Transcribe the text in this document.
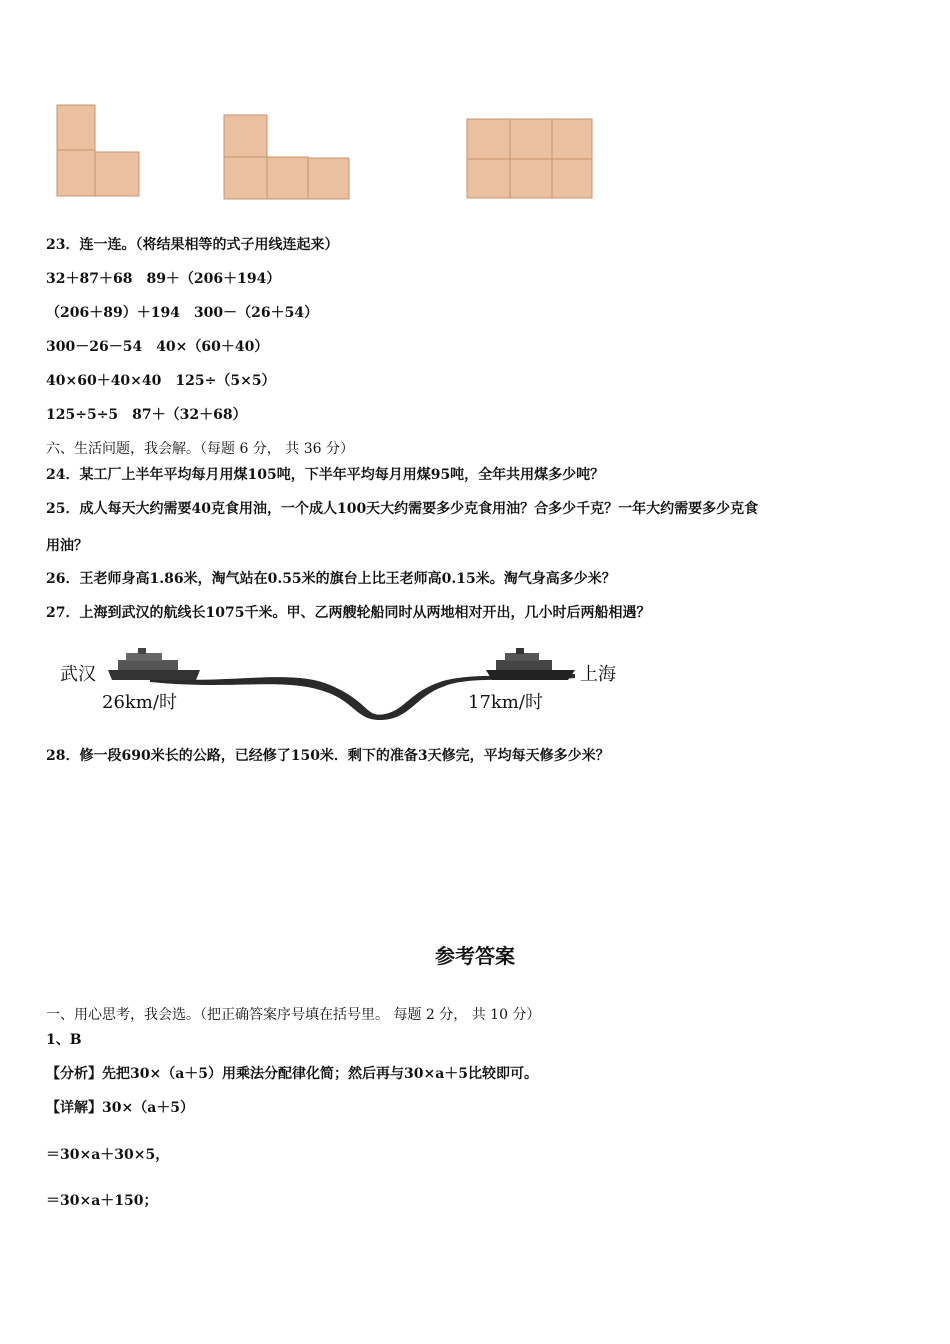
23．连一连。（将结果相等的式子用线连起来）
32＋87＋68　89＋（206＋194）
（206＋89）＋194　300－（26＋54）
300－26－54　40×（60＋40）
40×60＋40×40　125÷（5×5）
125÷5÷5　87＋（32＋68）
六、生活问题，我会解。（每题 6 分， 共 36 分）
24．某工厂上半年平均每月用煤105吨，下半年平均每月用煤95吨，全年共用煤多少吨？
25．成人每天大约需要40克食用油，一个成人100天大约需要多少克食用油？合多少千克？一年大约需要多少克食
用油？
26．王老师身高1.86米，淘气站在0.55米的旗台上比王老师高0.15米。淘气身高多少米？
27．上海到武汉的航线长1075千米。甲、乙两艘轮船同时从两地相对开出，几小时后两船相遇？
武汉
26km/时
上海
17km/时
28．修一段690米长的公路，已经修了150米．剩下的准备3天修完，平均每天修多少米？
参考答案
一、用心思考，我会选。（把正确答案序号填在括号里。 每题 2 分， 共 10 分）
1、B
【分析】先把30×（a＋5）用乘法分配律化简；然后再与30×a＋5比较即可。
【详解】30×（a＋5）
＝30×a＋30×5，
＝30×a＋150；
